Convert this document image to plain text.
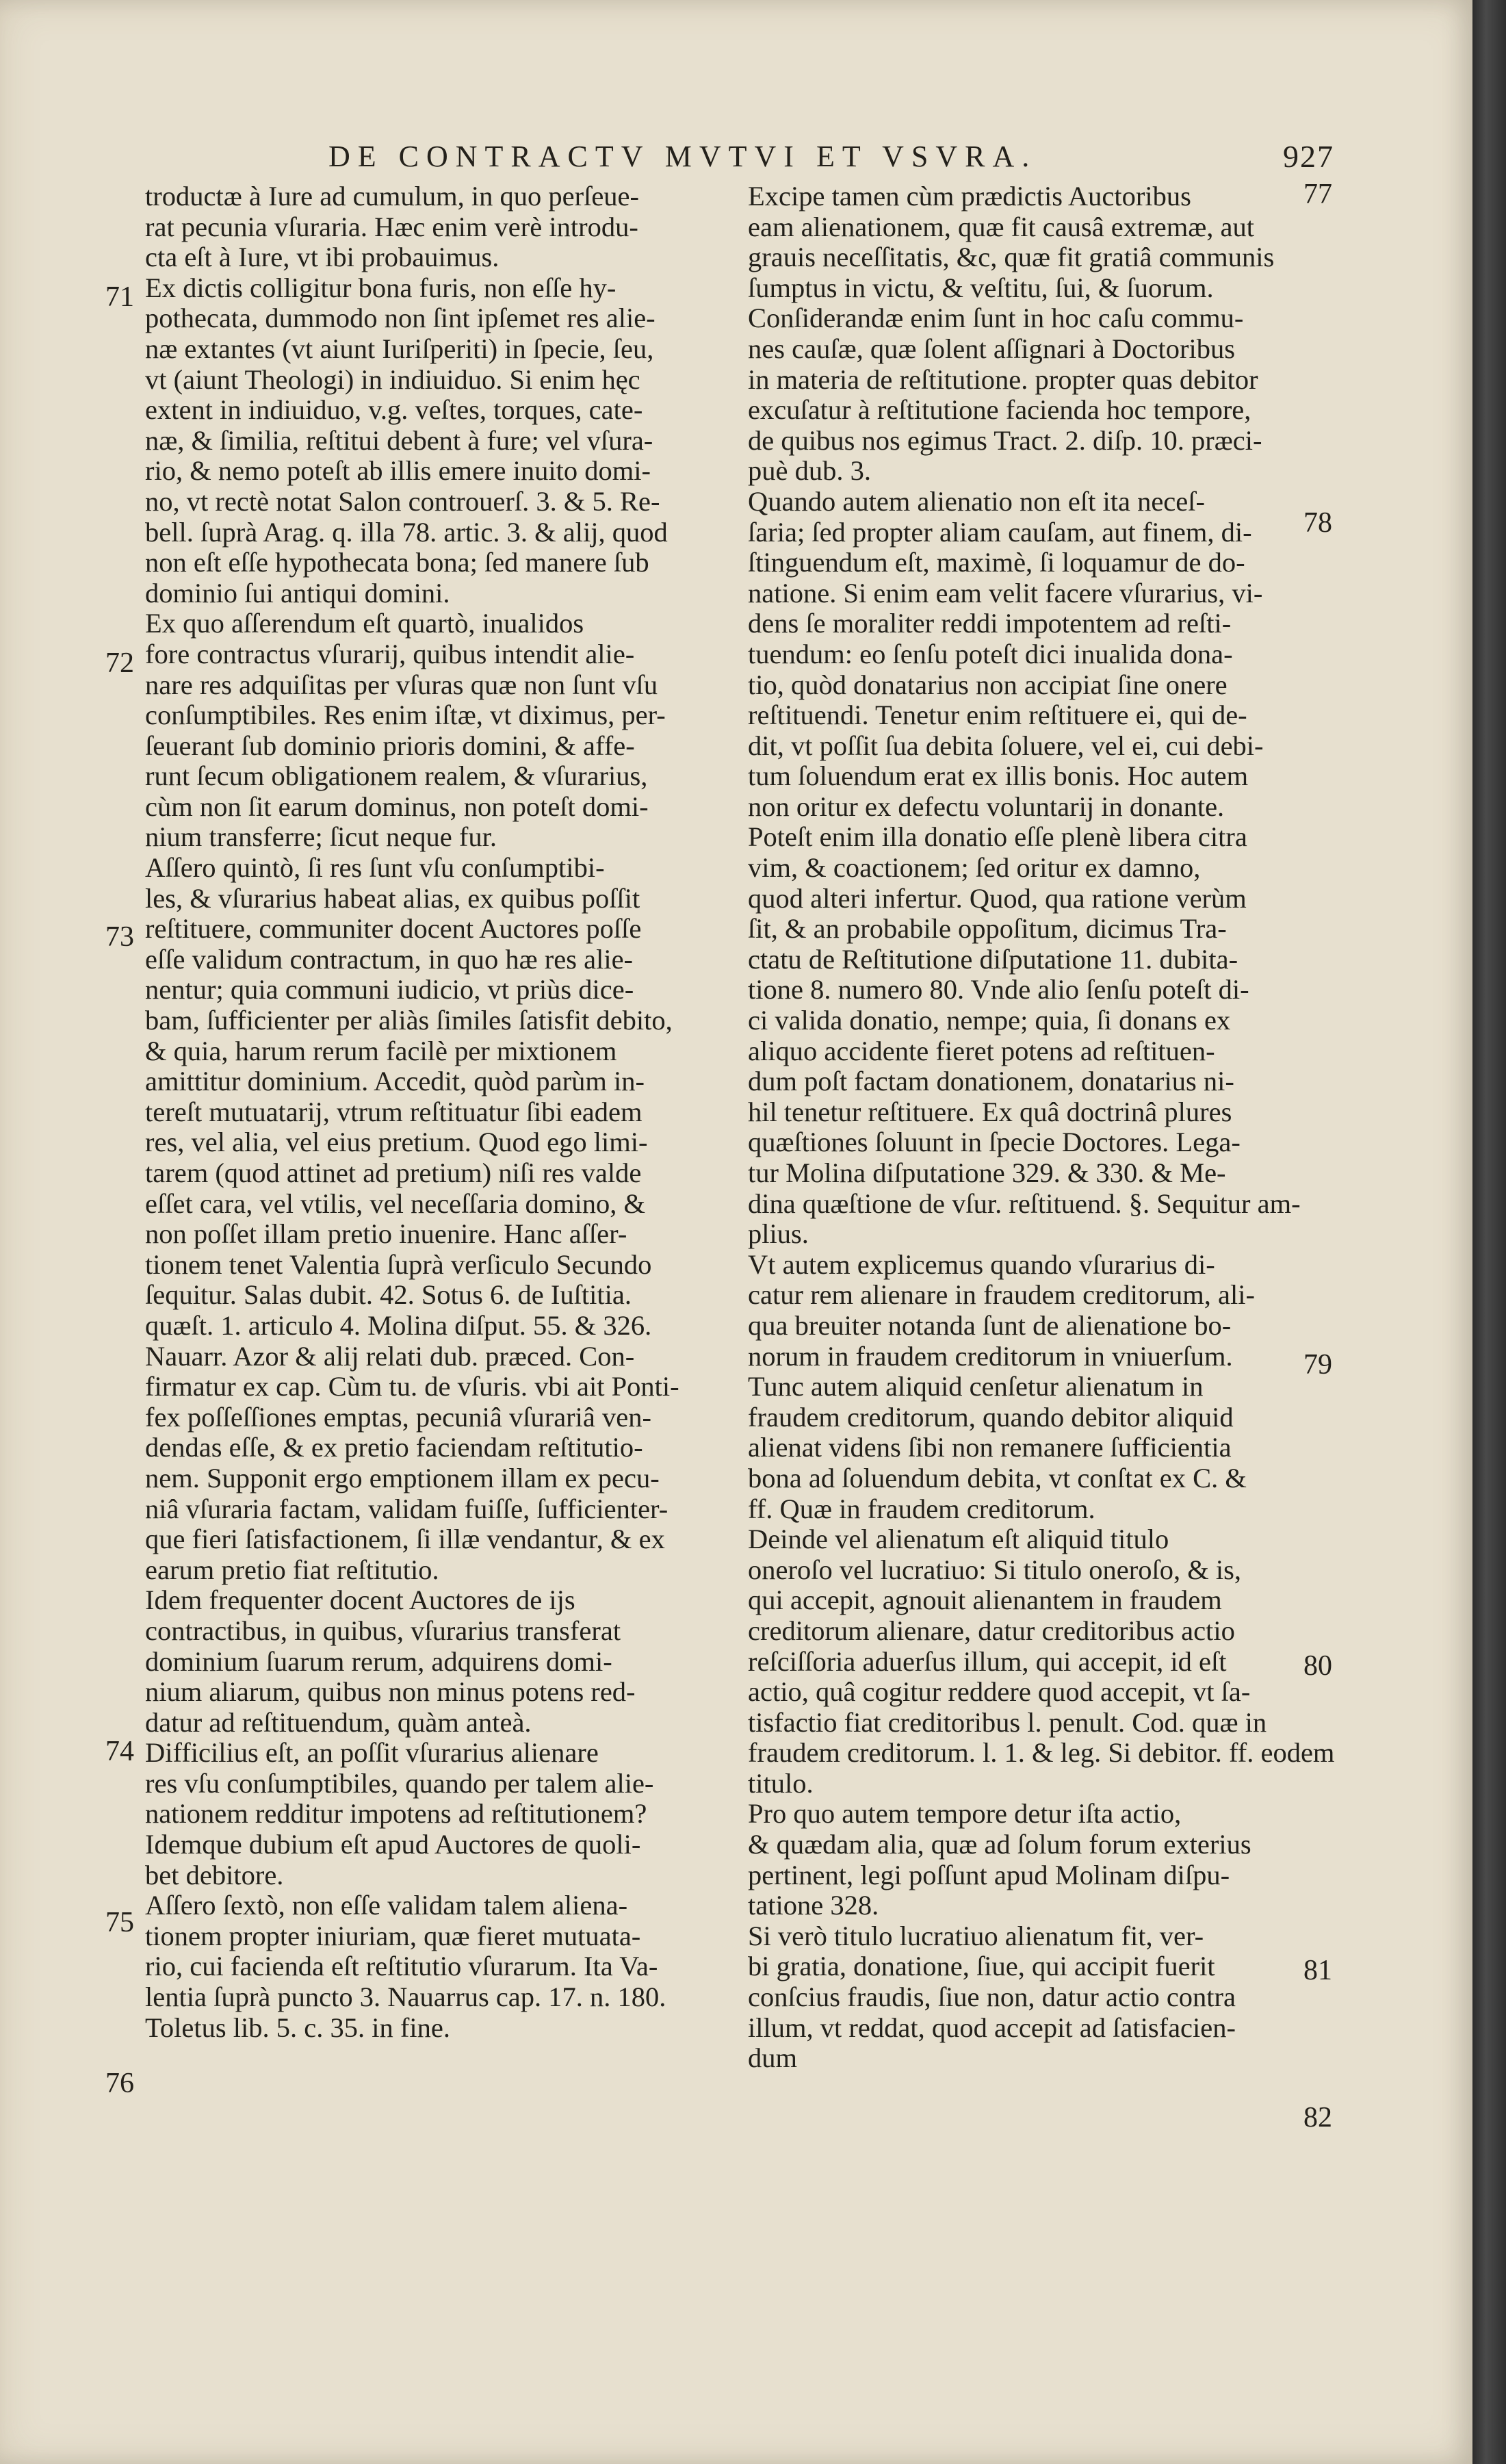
DE CONTRACTV MVTVI ET VSVRA.	927
troductæ à Iure ad cumulum, in quo perſeue-
rat pecunia vſuraria. Hæc enim verè introdu-
cta eſt à Iure, vt ibi probauimus.
Ex dictis colligitur bona furis, non eſſe hy-
pothecata, dummodo non ſint ipſemet res alie-
næ extantes (vt aiunt Iuriſperiti) in ſpecie, ſeu,
vt (aiunt Theologi) in indiuiduo. Si enim hęc
extent in indiuiduo, v.g. veſtes, torques, cate-
næ, & ſimilia, reſtitui debent à fure; vel vſura-
rio, & nemo poteſt ab illis emere inuito domi-
no, vt rectè notat Salon controuerſ. 3. & 5. Re-
bell. ſuprà Arag. q. illa 78. artic. 3. & alij, quod
non eſt eſſe hypothecata bona; ſed manere ſub
dominio ſui antiqui domini.
Ex quo aſſerendum eſt quartò, inualidos
fore contractus vſurarij, quibus intendit alie-
nare res adquiſitas per vſuras quæ non ſunt vſu
conſumptibiles. Res enim iſtæ, vt diximus, per-
ſeuerant ſub dominio prioris domini, & affe-
runt ſecum obligationem realem, & vſurarius,
cùm non ſit earum dominus, non poteſt domi-
nium transferre; ſicut neque fur.
Aſſero quintò, ſi res ſunt vſu conſumptibi-
les, & vſurarius habeat alias, ex quibus poſſit
reſtituere, communiter docent Auctores poſſe
eſſe validum contractum, in quo hæ res alie-
nentur; quia communi iudicio, vt priùs dice-
bam, ſufficienter per aliàs ſimiles ſatisfit debito,
& quia, harum rerum facilè per mixtionem
amittitur dominium. Accedit, quòd parùm in-
tereſt mutuatarij, vtrum reſtituatur ſibi eadem
res, vel alia, vel eius pretium. Quod ego limi-
tarem (quod attinet ad pretium) niſi res valde
eſſet cara, vel vtilis, vel neceſſaria domino, &
non poſſet illam pretio inuenire. Hanc aſſer-
tionem tenet Valentia ſuprà verſiculo Secundo
ſequitur. Salas dubit. 42. Sotus 6. de Iuſtitia.
quæſt. 1. articulo 4. Molina diſput. 55. & 326.
Nauarr. Azor & alij relati dub. præced. Con-
firmatur ex cap. Cùm tu. de vſuris. vbi ait Ponti-
fex poſſeſſiones emptas, pecuniâ vſurariâ ven-
dendas eſſe, & ex pretio faciendam reſtitutio-
nem. Supponit ergo emptionem illam ex pecu-
niâ vſuraria factam, validam fuiſſe, ſufficienter-
que fieri ſatisfactionem, ſi illæ vendantur, & ex
earum pretio fiat reſtitutio.
Idem frequenter docent Auctores de ijs
contractibus, in quibus, vſurarius transferat
dominium ſuarum rerum, adquirens domi-
nium aliarum, quibus non minus potens red-
datur ad reſtituendum, quàm anteà.
Difficilius eſt, an poſſit vſurarius alienare
res vſu conſumptibiles, quando per talem alie-
nationem redditur impotens ad reſtitutionem?
Idemque dubium eſt apud Auctores de quoli-
bet debitore.
Aſſero ſextò, non eſſe validam talem aliena-
tionem propter iniuriam, quæ fieret mutuata-
rio, cui facienda eſt reſtitutio vſurarum. Ita Va-
lentia ſuprà puncto 3. Nauarrus cap. 17. n. 180.
Toletus lib. 5. c. 35. in fine.
Excipe tamen cùm prædictis Auctoribus
eam alienationem, quæ fit causâ extremæ, aut
grauis neceſſitatis, &c, quæ fit gratiâ communis
ſumptus in victu, & veſtitu, ſui, & ſuorum.
Conſiderandæ enim ſunt in hoc caſu commu-
nes cauſæ, quæ ſolent aſſignari à Doctoribus
in materia de reſtitutione. propter quas debitor
excuſatur à reſtitutione facienda hoc tempore,
de quibus nos egimus Tract. 2. diſp. 10. præci-
puè dub. 3.
Quando autem alienatio non eſt ita neceſ-
ſaria; ſed propter aliam cauſam, aut finem, di-
ſtinguendum eſt, maximè, ſi loquamur de do-
natione. Si enim eam velit facere vſurarius, vi-
dens ſe moraliter reddi impotentem ad reſti-
tuendum: eo ſenſu poteſt dici inualida dona-
tio, quòd donatarius non accipiat ſine onere
reſtituendi. Tenetur enim reſtituere ei, qui de-
dit, vt poſſit ſua debita ſoluere, vel ei, cui debi-
tum ſoluendum erat ex illis bonis. Hoc autem
non oritur ex defectu voluntarij in donante.
Poteſt enim illa donatio eſſe plenè libera citra
vim, & coactionem; ſed oritur ex damno,
quod alteri infertur. Quod, qua ratione verùm
ſit, & an probabile oppoſitum, dicimus Tra-
ctatu de Reſtitutione diſputatione 11. dubita-
tione 8. numero 80. Vnde alio ſenſu poteſt di-
ci valida donatio, nempe; quia, ſi donans ex
aliquo accidente fieret potens ad reſtituen-
dum poſt factam donationem, donatarius ni-
hil tenetur reſtituere. Ex quâ doctrinâ plures
quæſtiones ſoluunt in ſpecie Doctores. Lega-
tur Molina diſputatione 329. & 330. & Me-
dina quæſtione de vſur. reſtituend. §. Sequitur am-
plius.
Vt autem explicemus quando vſurarius di-
catur rem alienare in fraudem creditorum, ali-
qua breuiter notanda ſunt de alienatione bo-
norum in fraudem creditorum in vniuerſum.
Tunc autem aliquid cenſetur alienatum in
fraudem creditorum, quando debitor aliquid
alienat videns ſibi non remanere ſufficientia
bona ad ſoluendum debita, vt conſtat ex C. &
ff. Quæ in fraudem creditorum.
Deinde vel alienatum eſt aliquid titulo
oneroſo vel lucratiuo: Si titulo oneroſo, & is,
qui accepit, agnouit alienantem in fraudem
creditorum alienare, datur creditoribus actio
reſciſſoria aduerſus illum, qui accepit, id eſt
actio, quâ cogitur reddere quod accepit, vt ſa-
tisfactio fiat creditoribus l. penult. Cod. quæ in
fraudem creditorum. l. 1. & leg. Si debitor. ff. eodem
titulo.
Pro quo autem tempore detur iſta actio,
& quædam alia, quæ ad ſolum forum exterius
pertinent, legi poſſunt apud Molinam diſpu-
tatione 328.
Si verò titulo lucratiuo alienatum fit, ver-
bi gratia, donatione, ſiue, qui accipit fuerit
conſcius fraudis, ſiue non, datur actio contra
illum, vt reddat, quod accepit ad ſatisfacien-
dum
71
72
73
74
75
76
77
78
79
80
81
82
